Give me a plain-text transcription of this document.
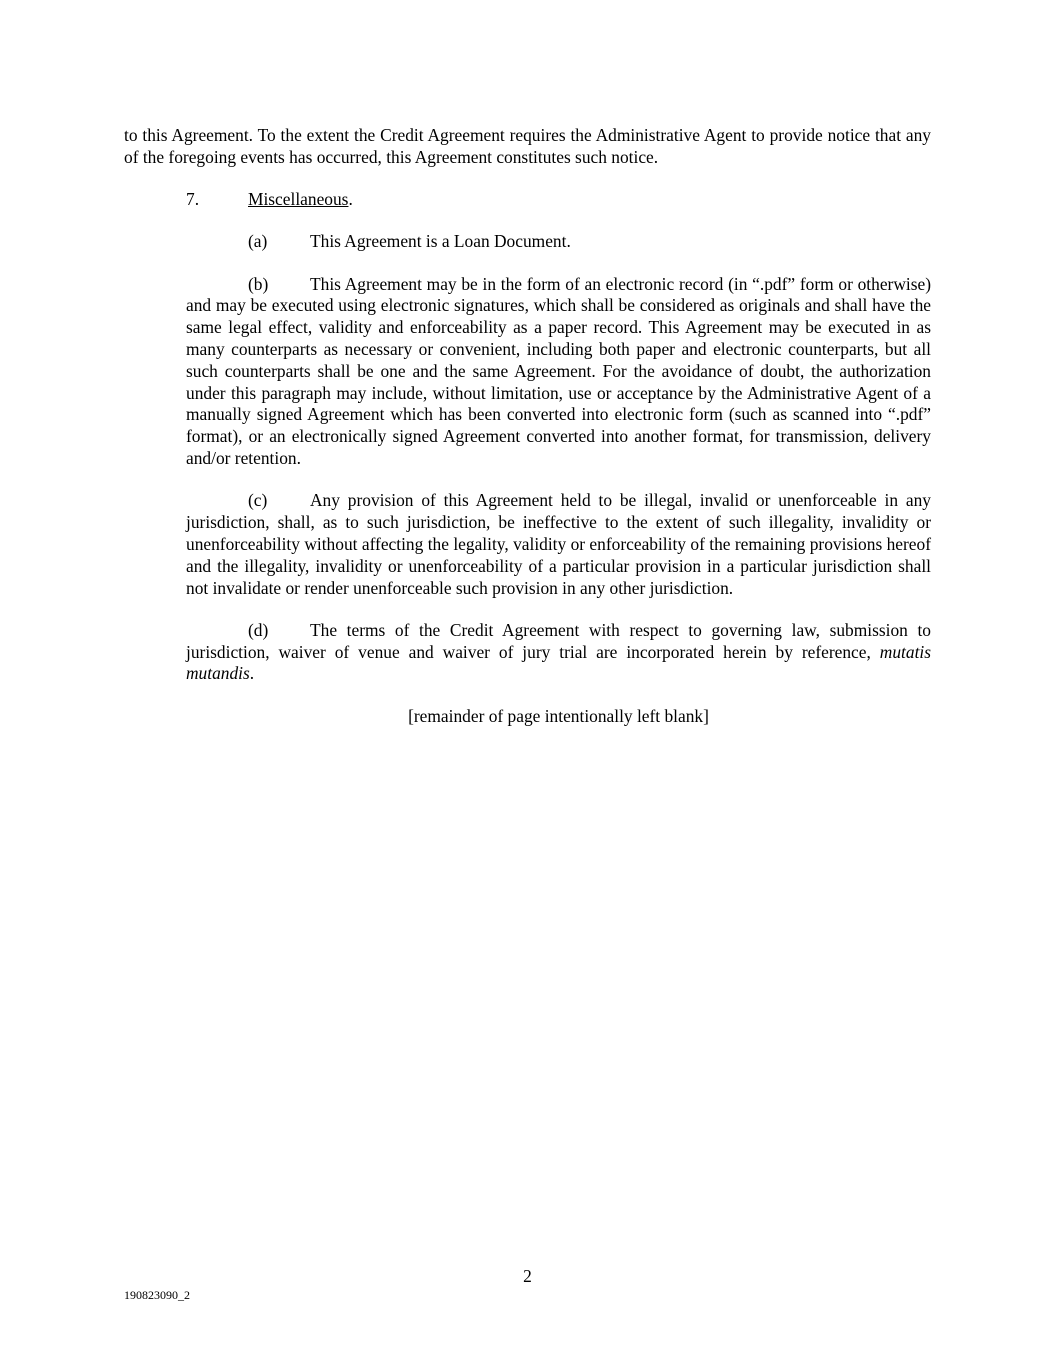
to this Agreement. To the extent the Credit Agreement requires the Administrative Agent to provide notice that any of the foregoing events has occurred, this Agreement constitutes such notice.

7.	Miscellaneous.

(a) This Agreement is a Loan Document.

(b) This Agreement may be in the form of an electronic record (in “.pdf” form or otherwise) and may be executed using electronic signatures, which shall be considered as originals and shall have the same legal effect, validity and enforceability as a paper record. This Agreement may be executed in as many counterparts as necessary or convenient, including both paper and electronic counterparts, but all such counterparts shall be one and the same Agreement. For the avoidance of doubt, the authorization under this paragraph may include, without limitation, use or acceptance by the Administrative Agent of a manually signed Agreement which has been converted into electronic form (such as scanned into “.pdf” format), or an electronically signed Agreement converted into another format, for transmission, delivery and/or retention.

(c) Any provision of this Agreement held to be illegal, invalid or unenforceable in any jurisdiction, shall, as to such jurisdiction, be ineffective to the extent of such illegality, invalidity or unenforceability without affecting the legality, validity or enforceability of the remaining provisions hereof and the illegality, invalidity or unenforceability of a particular provision in a particular jurisdiction shall not invalidate or render unenforceable such provision in any other jurisdiction.

(d) The terms of the Credit Agreement with respect to governing law, submission to jurisdiction, waiver of venue and waiver of jury trial are incorporated herein by reference, mutatis mutandis.

[remainder of page intentionally left blank]

2
190823090_2
